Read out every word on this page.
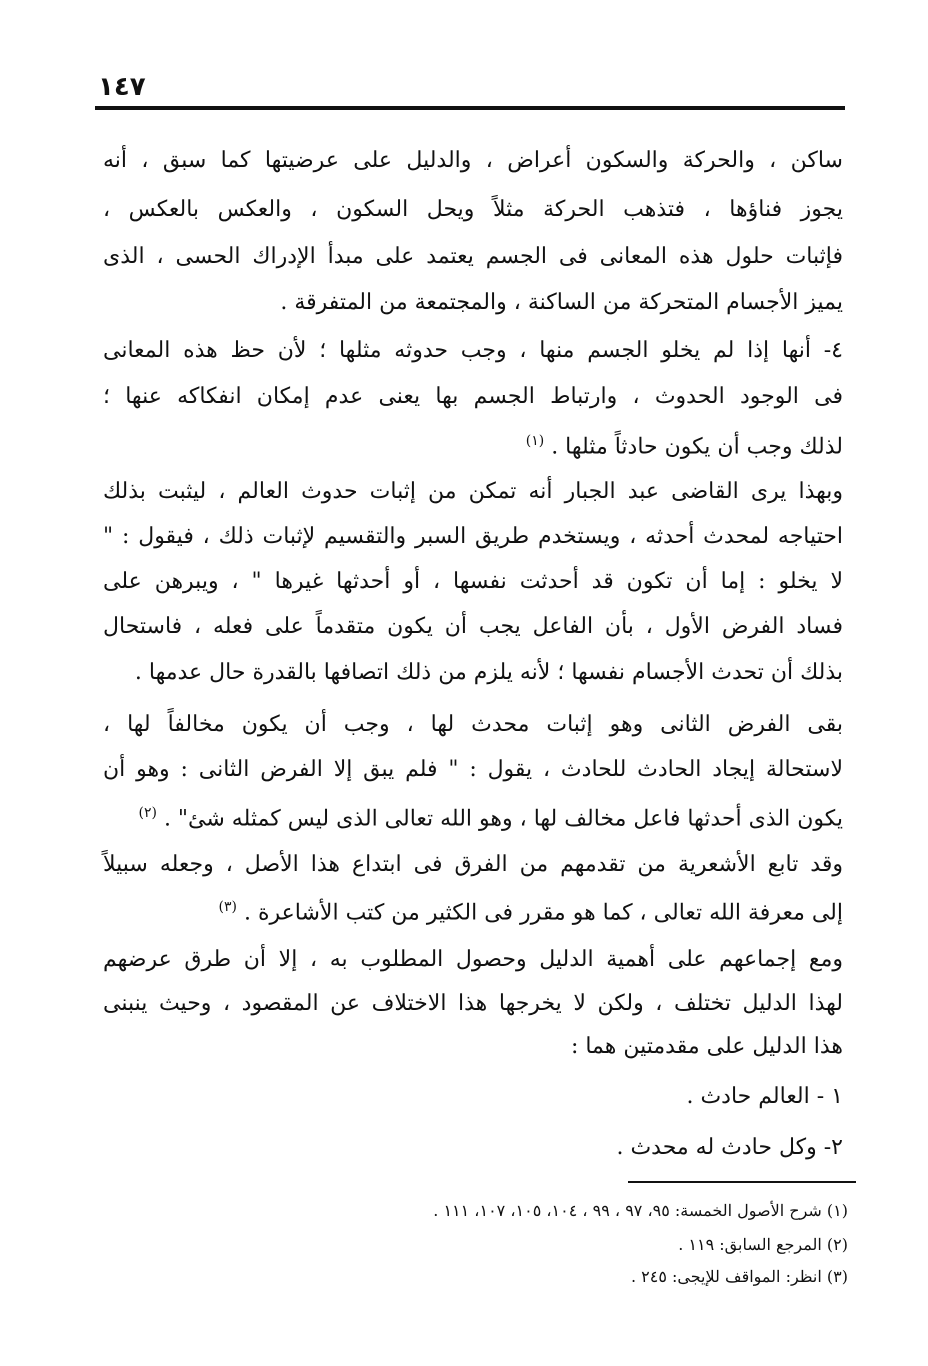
١٤٧
ساكن ، والحركة والسكون أعراض ، والدليل على عرضيتها كما سبق ، أنه
يجوز فناؤها ، فتذهب الحركة مثلاً ويحل السكون ، والعكس بالعكس ،
فإثبات حلول هذه المعانى فى الجسم يعتمد على مبدأ الإدراك الحسى ، الذى
يميز الأجسام المتحركة من الساكنة ، والمجتمعة من المتفرقة .
٤- أنها إذا لم يخلو الجسم منها ، وجب حدوثه مثلها ؛ لأن حظ هذه المعانى
فى الوجود الحدوث ، وارتباط الجسم بها يعنى عدم إمكان انفكاكه عنها ؛
لذلك وجب أن يكون حادثاً مثلها . $^{(١)}$
وبهذا يرى القاضى عبد الجبار أنه تمكن من إثبات حدوث العالم ، ليثبت بذلك
احتياجه لمحدث أحدثه ، ويستخدم طريق السبر والتقسيم لإثبات ذلك ، فيقول : "
لا يخلو : إما أن تكون قد أحدثت نفسها ، أو أحدثها غيرها " ، ويبرهن على
فساد الفرض الأول ، بأن الفاعل يجب أن يكون متقدماً على فعله ، فاستحال
بذلك أن تحدث الأجسام نفسها ؛ لأنه يلزم من ذلك اتصافها بالقدرة حال عدمها .
بقى الفرض الثانى وهو إثبات محدث لها ، وجب أن يكون مخالفاً لها ،
لاستحالة إيجاد الحادث للحادث ، يقول : " فلم يبق إلا الفرض الثانى : وهو أن
يكون الذى أحدثها فاعل مخالف لها ، وهو الله تعالى الذى ليس كمثله شئ" . $^{(٢)}$
وقد تابع الأشعرية من تقدمهم من الفرق فى ابتداع هذا الأصل ، وجعله سبيلاً
إلى معرفة الله تعالى ، كما هو مقرر فى الكثير من كتب الأشاعرة . $^{(٣)}$
ومع إجماعهم على أهمية الدليل وحصول المطلوب به ، إلا أن طرق عرضهم
لهذا الدليل تختلف ، ولكن لا يخرجها هذا الاختلاف عن المقصود ، وحيث ينبنى
هذا الدليل على مقدمتين هما :
١ - العالم حادث .
٢- وكل حادث له محدث .
(١) شرح الأصول الخمسة: ٩٥، ٩٧ ، ٩٩ ، ١٠٤، ١٠٥، ١٠٧، ١١١ .
(٢) المرجع السابق: ١١٩ .
(٣) انظر: المواقف للإيجى: ٢٤٥ .
